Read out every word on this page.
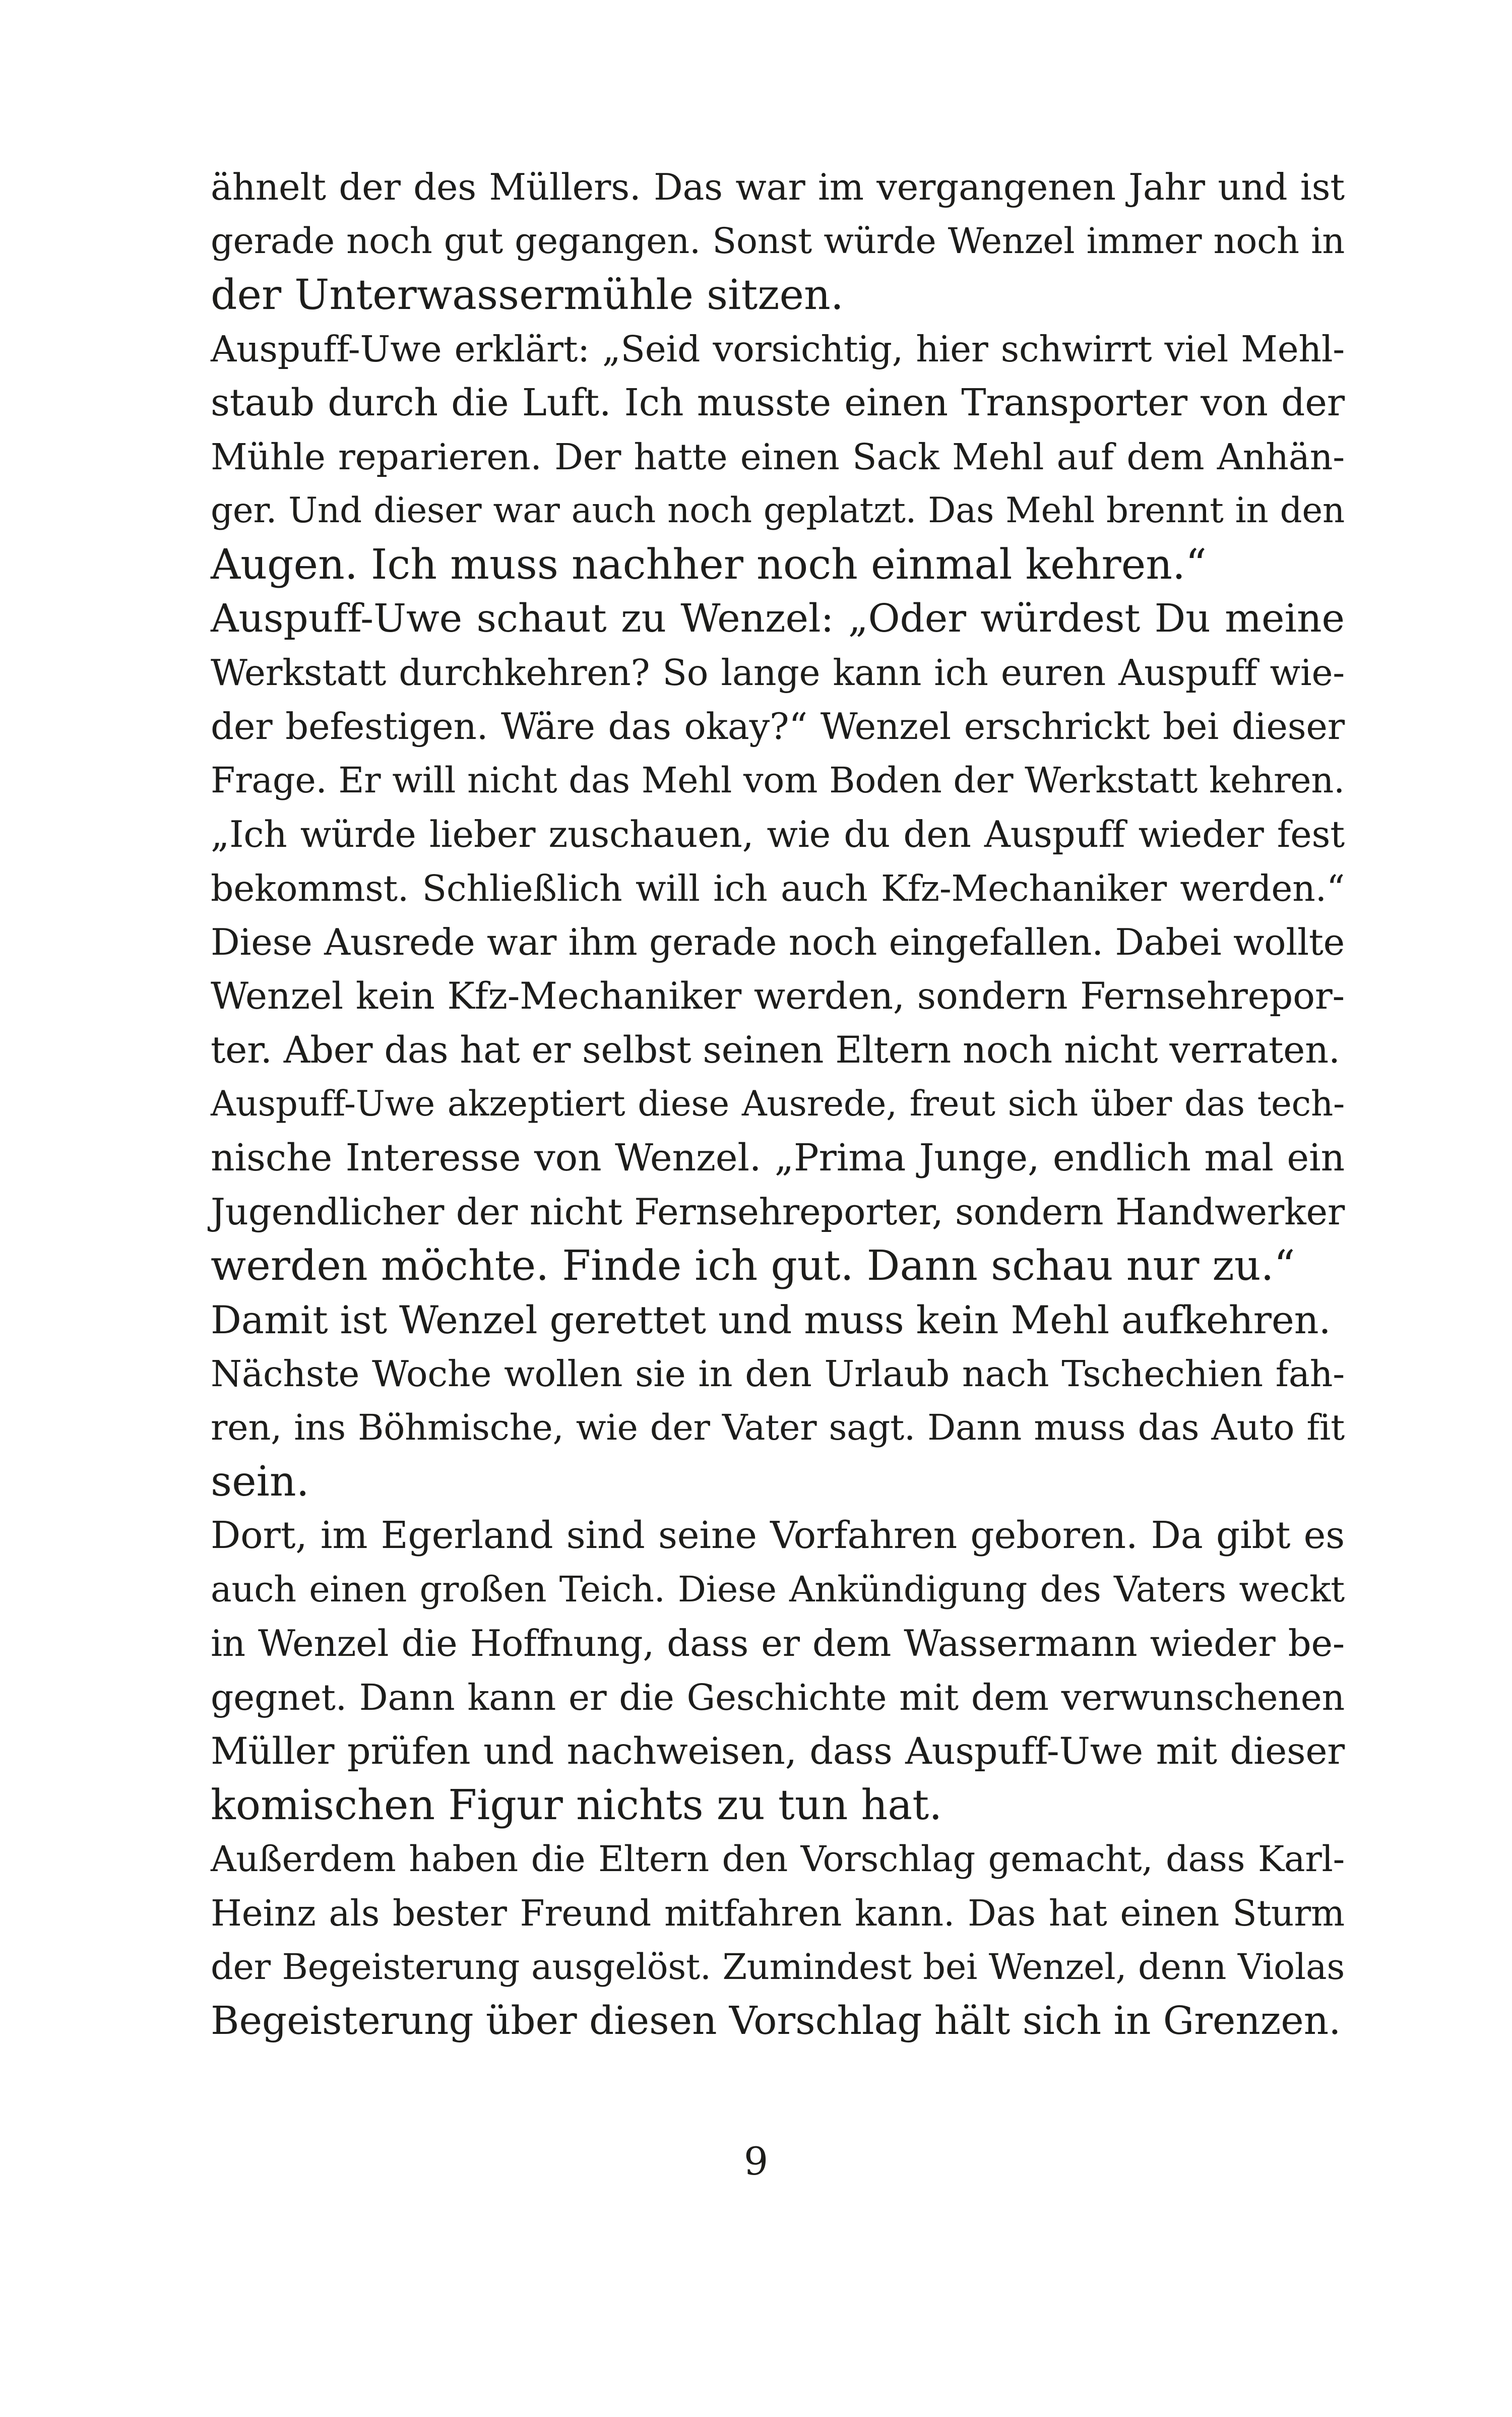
ähnelt der des Müllers. Das war im vergangenen Jahr und ist
gerade noch gut gegangen. Sonst würde Wenzel immer noch in
der Unterwassermühle sitzen.

Auspuff-Uwe erklärt: „Seid vorsichtig, hier schwirrt viel Mehl-
staub durch die Luft. Ich musste einen Transporter von der
Mühle reparieren. Der hatte einen Sack Mehl auf dem Anhän-
ger. Und dieser war auch noch geplatzt. Das Mehl brennt in den
Augen. Ich muss nachher noch einmal kehren.“

Auspuff-Uwe schaut zu Wenzel: „Oder würdest Du meine
Werkstatt durchkehren? So lange kann ich euren Auspuff wie-
der befestigen. Wäre das okay?“ Wenzel erschrickt bei dieser
Frage. Er will nicht das Mehl vom Boden der Werkstatt kehren.
„Ich würde lieber zuschauen, wie du den Auspuff wieder fest
bekommst. Schließlich will ich auch Kfz-Mechaniker werden.“
Diese Ausrede war ihm gerade noch eingefallen. Dabei wollte
Wenzel kein Kfz-Mechaniker werden, sondern Fernsehrepor-
ter. Aber das hat er selbst seinen Eltern noch nicht verraten.

Auspuff-Uwe akzeptiert diese Ausrede, freut sich über das tech-
nische Interesse von Wenzel. „Prima Junge, endlich mal ein
Jugendlicher der nicht Fernsehreporter, sondern Handwerker
werden möchte. Finde ich gut. Dann schau nur zu.“

Damit ist Wenzel gerettet und muss kein Mehl aufkehren.

Nächste Woche wollen sie in den Urlaub nach Tschechien fah-
ren, ins Böhmische, wie der Vater sagt. Dann muss das Auto fit
sein.

Dort, im Egerland sind seine Vorfahren geboren. Da gibt es
auch einen großen Teich. Diese Ankündigung des Vaters weckt
in Wenzel die Hoffnung, dass er dem Wassermann wieder be-
gegnet. Dann kann er die Geschichte mit dem verwunschenen
Müller prüfen und nachweisen, dass Auspuff-Uwe mit dieser
komischen Figur nichts zu tun hat.

Außerdem haben die Eltern den Vorschlag gemacht, dass Karl-
Heinz als bester Freund mitfahren kann. Das hat einen Sturm
der Begeisterung ausgelöst. Zumindest bei Wenzel, denn Violas
Begeisterung über diesen Vorschlag hält sich in Grenzen.

9
